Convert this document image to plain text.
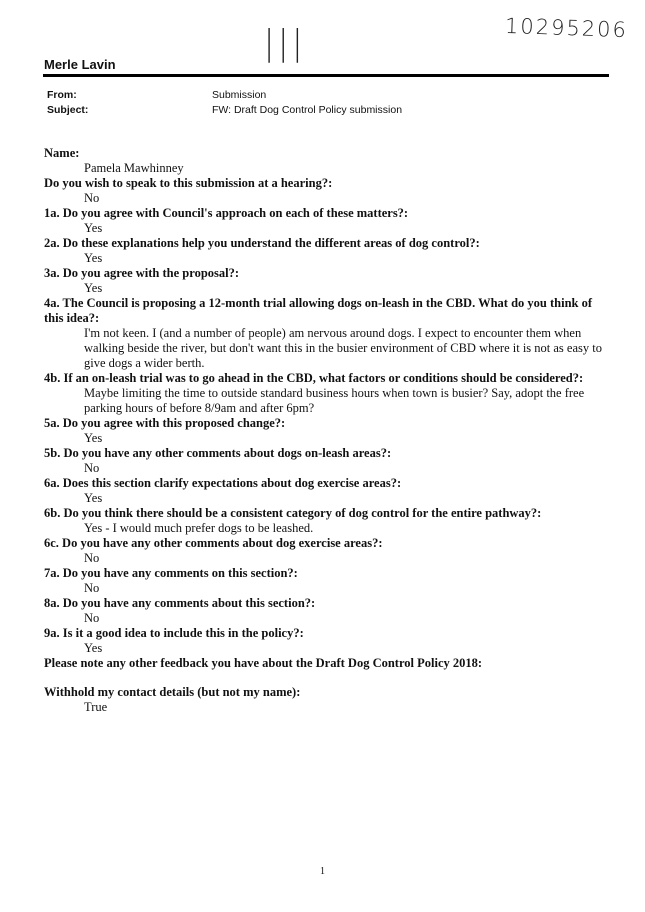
|||	10295206
Merle Lavin
From:	Submission
Subject:	FW: Draft Dog Control Policy submission
Name:
Pamela Mawhinney
Do you wish to speak to this submission at a hearing?:
No
1a. Do you agree with Council's approach on each of these matters?:
Yes
2a. Do these explanations help you understand the different areas of dog control?:
Yes
3a. Do you agree with the proposal?:
Yes
4a. The Council is proposing a 12-month trial allowing dogs on-leash in the CBD. What do you think of this idea?:
I'm not keen. I (and a number of people) am nervous around dogs. I expect to encounter them when walking beside the river, but don't want this in the busier environment of CBD where it is not as easy to give dogs a wider berth.
4b. If an on-leash trial was to go ahead in the CBD, what factors or conditions should be considered?:
Maybe limiting the time to outside standard business hours when town is busier? Say, adopt the free parking hours of before 8/9am and after 6pm?
5a. Do you agree with this proposed change?:
Yes
5b. Do you have any other comments about dogs on-leash areas?:
No
6a. Does this section clarify expectations about dog exercise areas?:
Yes
6b. Do you think there should be a consistent category of dog control for the entire pathway?:
Yes - I would much prefer dogs to be leashed.
6c. Do you have any other comments about dog exercise areas?:
No
7a. Do you have any comments on this section?:
No
8a. Do you have any comments about this section?:
No
9a. Is it a good idea to include this in the policy?:
Yes
Please note any other feedback you have about the Draft Dog Control Policy 2018:
Withhold my contact details (but not my name):
True
1
